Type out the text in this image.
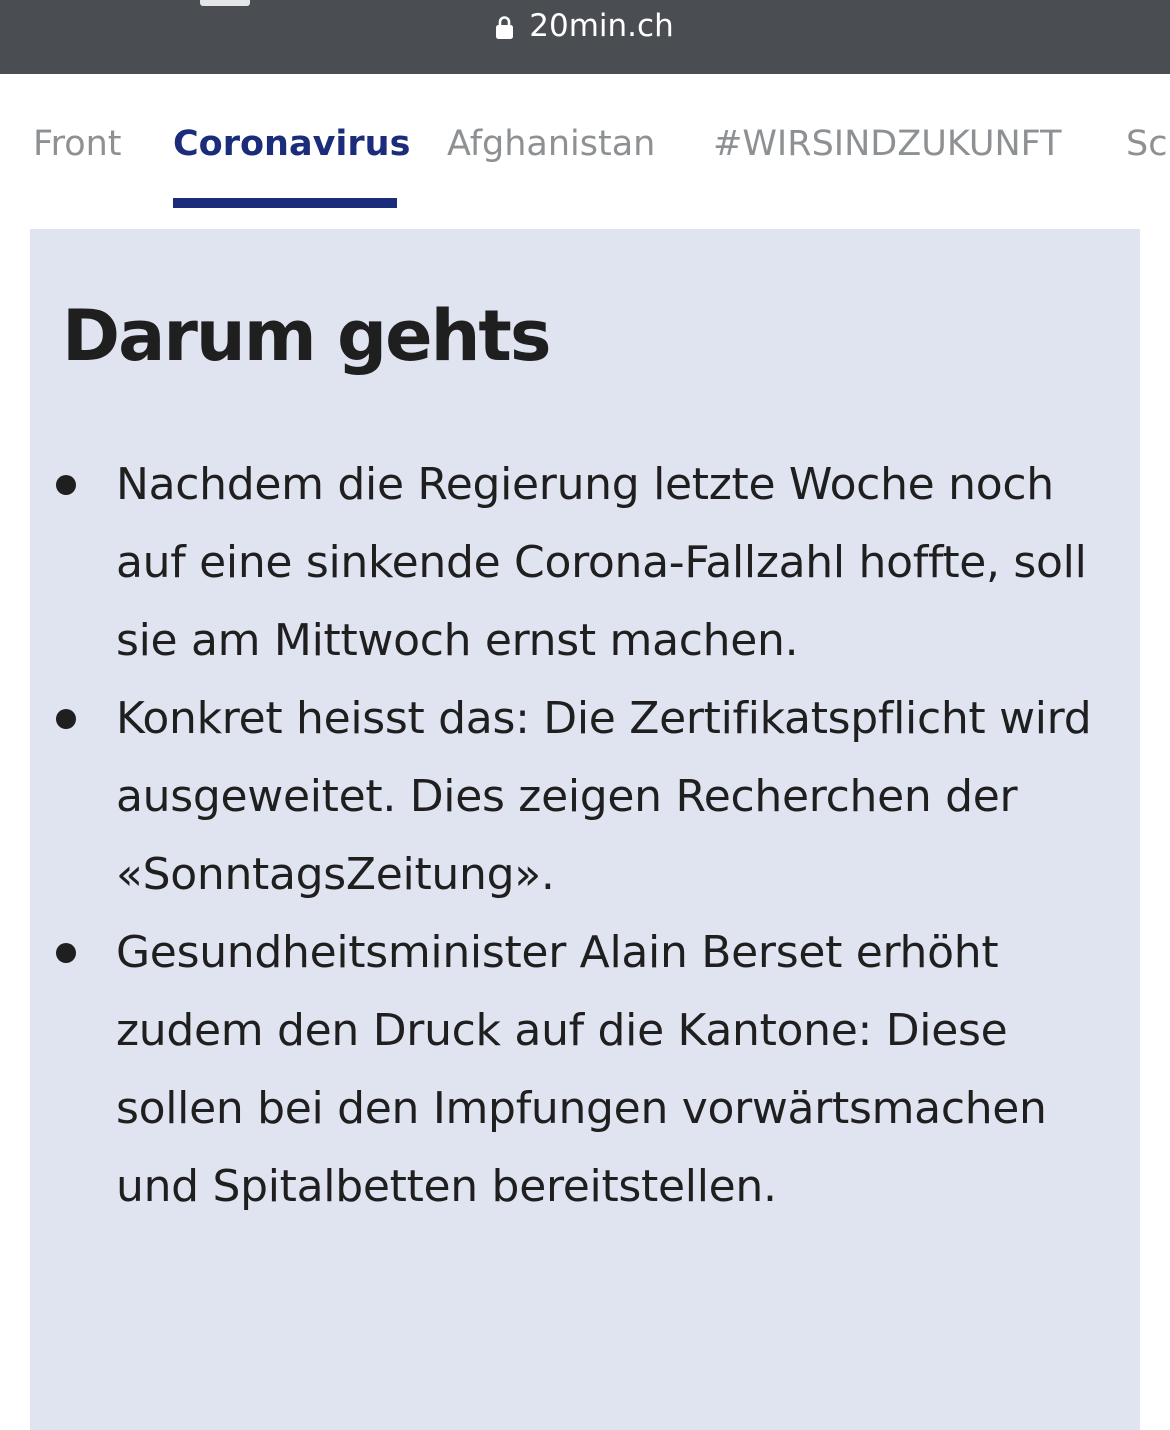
20min.ch
Front Coronavirus Afghanistan #WIRSINDZUKUNFT Sc
Darum gehts
Nachdem die Regierung letzte Woche noch auf eine sinkende Corona-Fallzahl hoffte, soll sie am Mittwoch ernst machen.
Konkret heisst das: Die Zertifikatspflicht wird ausgeweitet. Dies zeigen Recherchen der «SonntagsZeitung».
Gesundheitsminister Alain Berset erhöht zudem den Druck auf die Kantone: Diese sollen bei den Impfungen vorwärtsmachen und Spitalbetten bereitstellen.
